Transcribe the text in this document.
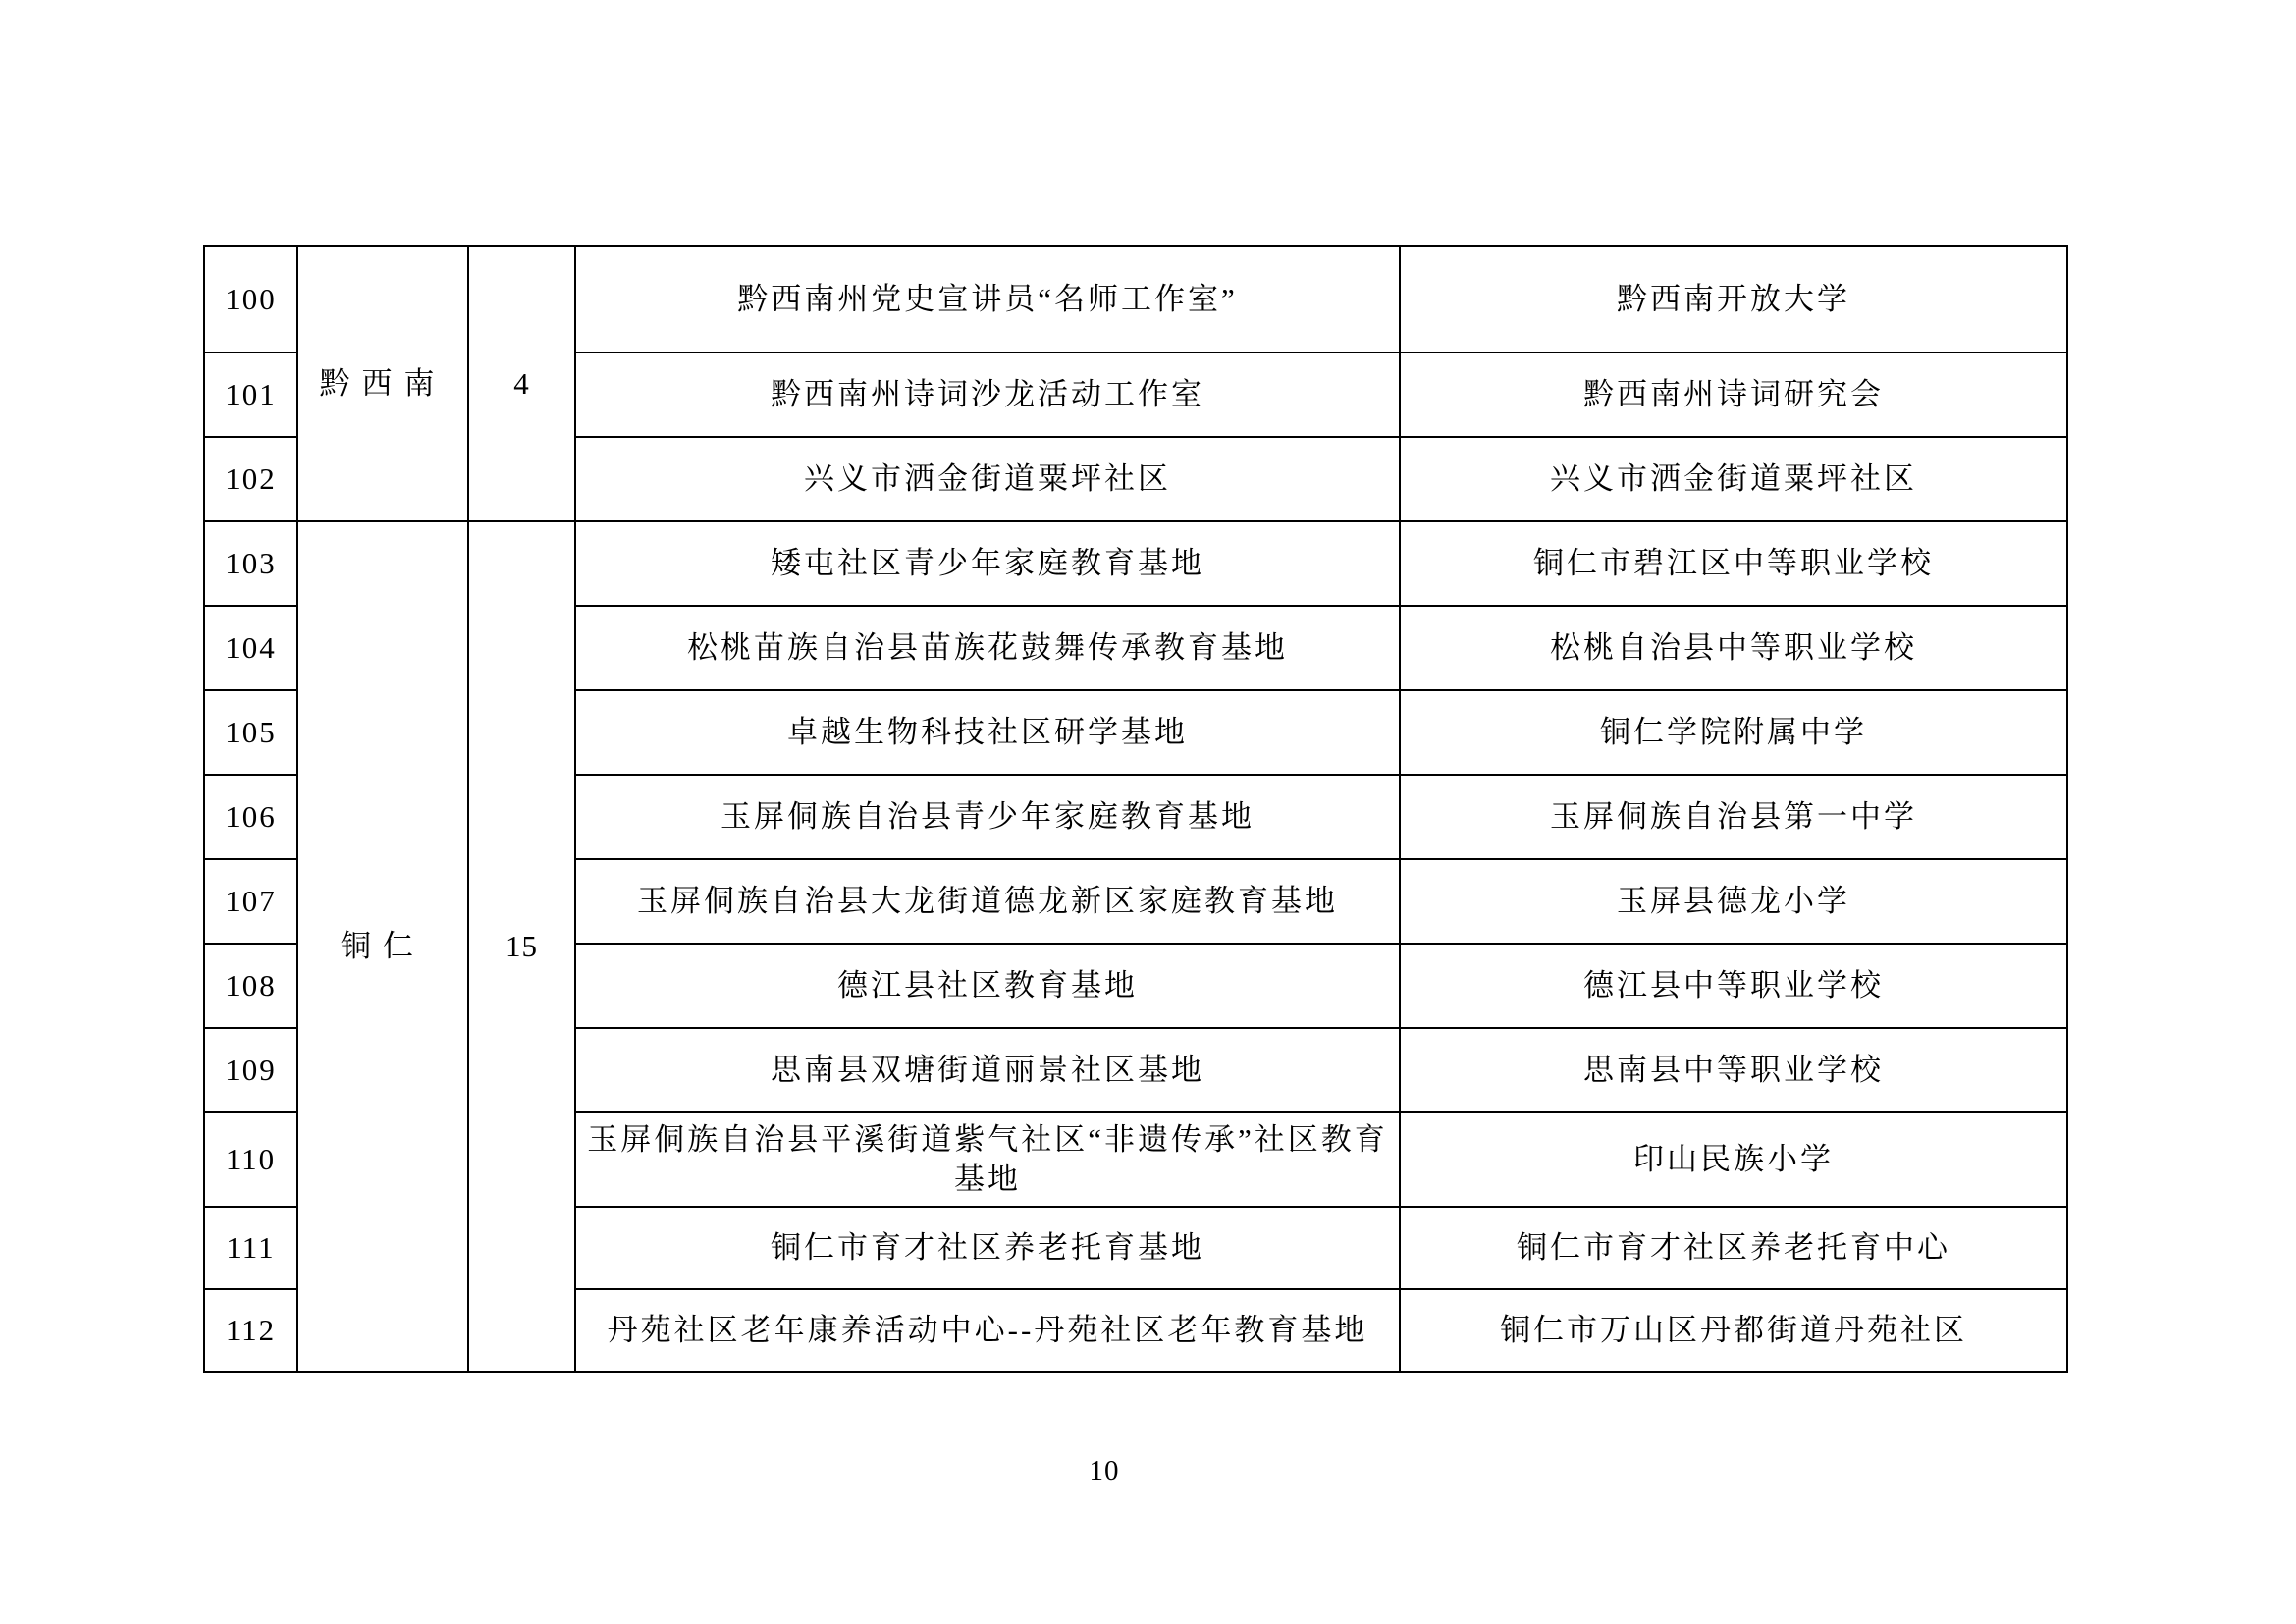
100	黔西南	4	黔西南州党史宣讲员“名师工作室”	黔西南开放大学
101			黔西南州诗词沙龙活动工作室	黔西南州诗词研究会
102			兴义市洒金街道粟坪社区	兴义市洒金街道粟坪社区
103	铜仁	15	矮屯社区青少年家庭教育基地	铜仁市碧江区中等职业学校
104			松桃苗族自治县苗族花鼓舞传承教育基地	松桃自治县中等职业学校
105			卓越生物科技社区研学基地	铜仁学院附属中学
106			玉屏侗族自治县青少年家庭教育基地	玉屏侗族自治县第一中学
107			玉屏侗族自治县大龙街道德龙新区家庭教育基地	玉屏县德龙小学
108			德江县社区教育基地	德江县中等职业学校
109			思南县双塘街道丽景社区基地	思南县中等职业学校
110			玉屏侗族自治县平溪街道紫气社区“非遗传承”社区教育基地	印山民族小学
111			铜仁市育才社区养老托育基地	铜仁市育才社区养老托育中心
112			丹苑社区老年康养活动中心--丹苑社区老年教育基地	铜仁市万山区丹都街道丹苑社区
10
